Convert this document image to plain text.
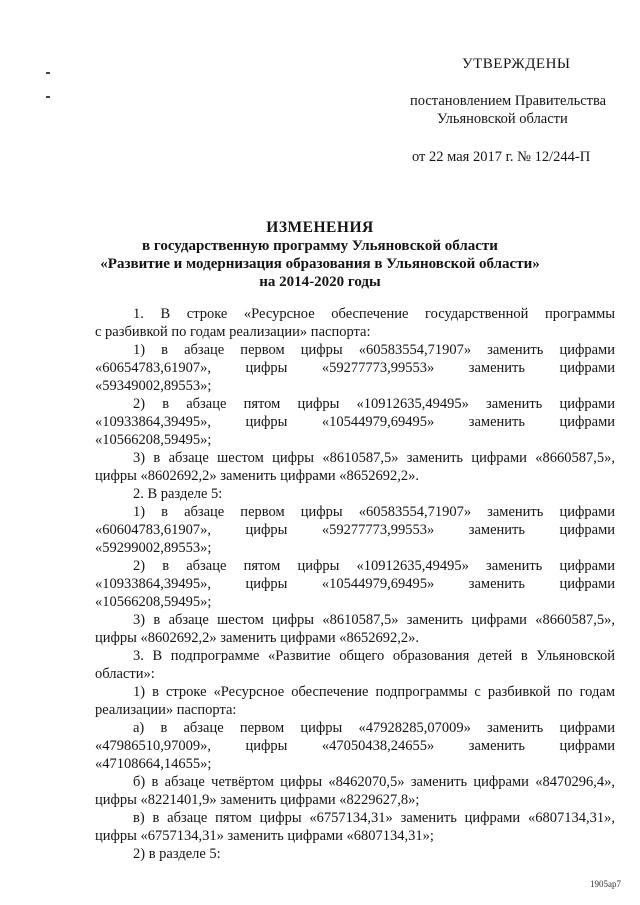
УТВЕРЖДЕНЫ
постановлением Правительства
Ульяновской области
от 22 мая 2017 г. № 12/244-П
ИЗМЕНЕНИЯ
в государственную программу Ульяновской области
«Развитие и модернизация образования в Ульяновской области»
на 2014-2020 годы
1. В строке «Ресурсное обеспечение государственной программы
с разбивкой по годам реализации» паспорта:
1) в абзаце первом цифры «60583554,71907» заменить цифрами
«60654783,61907», цифры «59277773,99553» заменить цифрами
«59349002,89553»;
2) в абзаце пятом цифры «10912635,49495» заменить цифрами
«10933864,39495», цифры «10544979,69495» заменить цифрами
«10566208,59495»;
3) в абзаце шестом цифры «8610587,5» заменить цифрами «8660587,5»,
цифры «8602692,2» заменить цифрами «8652692,2».
2. В разделе 5:
1) в абзаце первом цифры «60583554,71907» заменить цифрами
«60604783,61907», цифры «59277773,99553» заменить цифрами
«59299002,89553»;
2) в абзаце пятом цифры «10912635,49495» заменить цифрами
«10933864,39495», цифры «10544979,69495» заменить цифрами
«10566208,59495»;
3) в абзаце шестом цифры «8610587,5» заменить цифрами «8660587,5»,
цифры «8602692,2» заменить цифрами «8652692,2».
3. В подпрограмме «Развитие общего образования детей в Ульяновской
области»:
1) в строке «Ресурсное обеспечение подпрограммы с разбивкой по годам
реализации» паспорта:
а) в абзаце первом цифры «47928285,07009» заменить цифрами
«47986510,97009», цифры «47050438,24655» заменить цифрами
«47108664,14655»;
б) в абзаце четвёртом цифры «8462070,5» заменить цифрами «8470296,4»,
цифры «8221401,9» заменить цифрами «8229627,8»;
в) в абзаце пятом цифры «6757134,31» заменить цифрами «6807134,31»,
цифры «6757134,31» заменить цифрами «6807134,31»;
2) в разделе 5:
1905ар7
